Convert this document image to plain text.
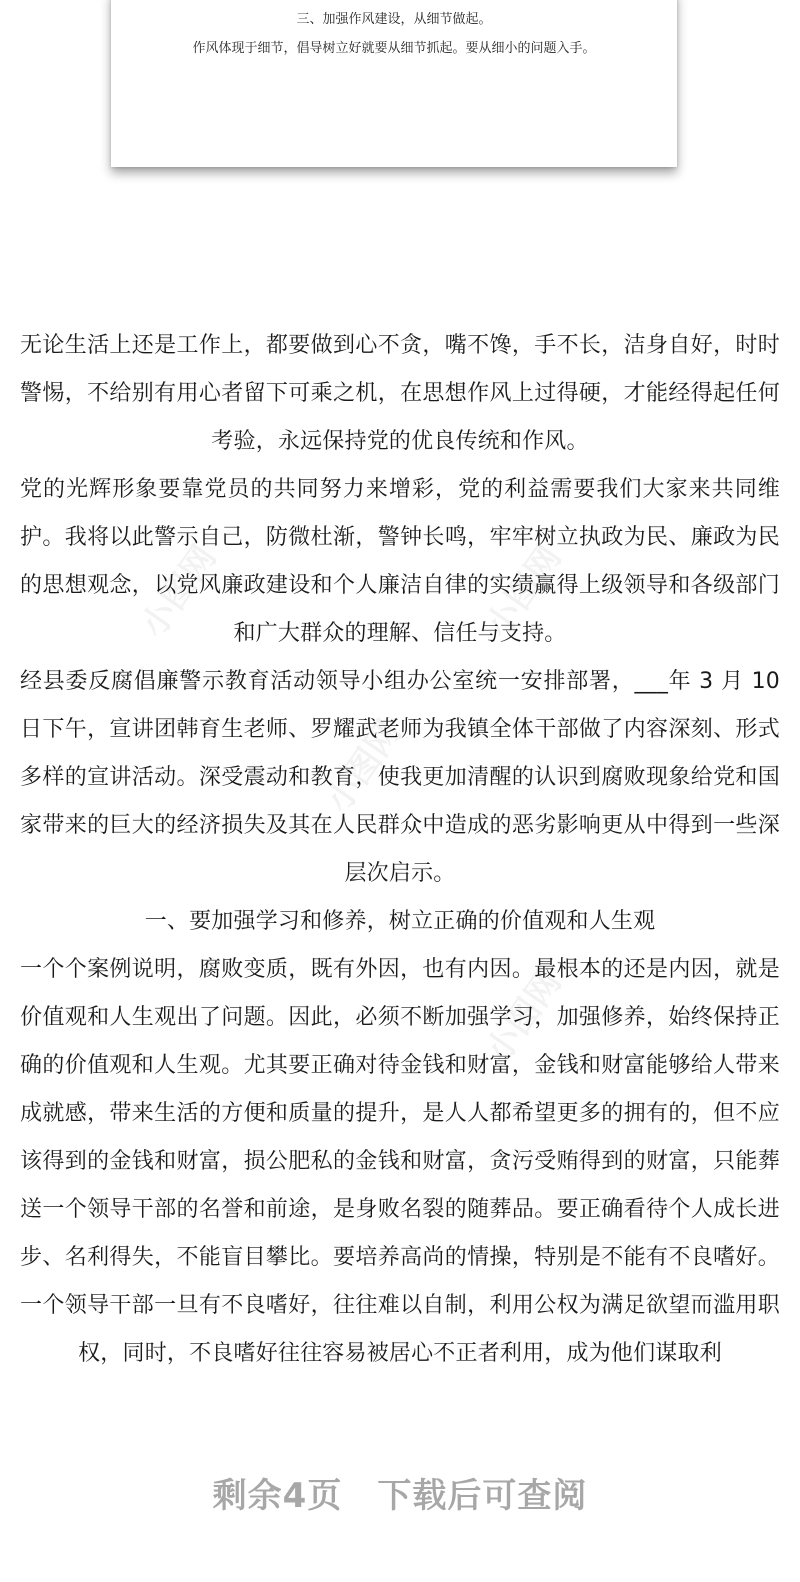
三、加强作风建设，从细节做起。
作风体现于细节，倡导树立好就要从细节抓起。要从细小的问题入手。
小图网	小图网
小图网
小图网

无论生活上还是工作上，都要做到心不贪，嘴不馋，手不长，洁身自好，时时警惕，不给别有用心者留下可乘之机，在思想作风上过得硬，才能经得起任何考验，永远保持党的优良传统和作风。

党的光辉形象要靠党员的共同努力来增彩，党的利益需要我们大家来共同维护。我将以此警示自己，防微杜渐，警钟长鸣，牢牢树立执政为民、廉政为民的思想观念，以党风廉政建设和个人廉洁自律的实绩赢得上级领导和各级部门和广大群众的理解、信任与支持。

经县委反腐倡廉警示教育活动领导小组办公室统一安排部署，___年 3 月 10 日下午，宣讲团韩育生老师、罗耀武老师为我镇全体干部做了内容深刻、形式多样的宣讲活动。深受震动和教育，使我更加清醒的认识到腐败现象给党和国家带来的巨大的经济损失及其在人民群众中造成的恶劣影响更从中得到一些深层次启示。

一、要加强学习和修养，树立正确的价值观和人生观

一个个案例说明，腐败变质，既有外因，也有内因。最根本的还是内因，就是价值观和人生观出了问题。因此，必须不断加强学习，加强修养，始终保持正确的价值观和人生观。尤其要正确对待金钱和财富，金钱和财富能够给人带来成就感，带来生活的方便和质量的提升，是人人都希望更多的拥有的，但不应该得到的金钱和财富，损公肥私的金钱和财富，贪污受贿得到的财富，只能葬送一个领导干部的名誉和前途，是身败名裂的随葬品。要正确看待个人成长进步、名利得失，不能盲目攀比。要培养高尚的情操，特别是不能有不良嗜好。一个领导干部一旦有不良嗜好，往往难以自制，利用公权为满足欲望而滥用职权，同时，不良嗜好往往容易被居心不正者利用，成为他们谋取利

剩余4页　下载后可查阅
